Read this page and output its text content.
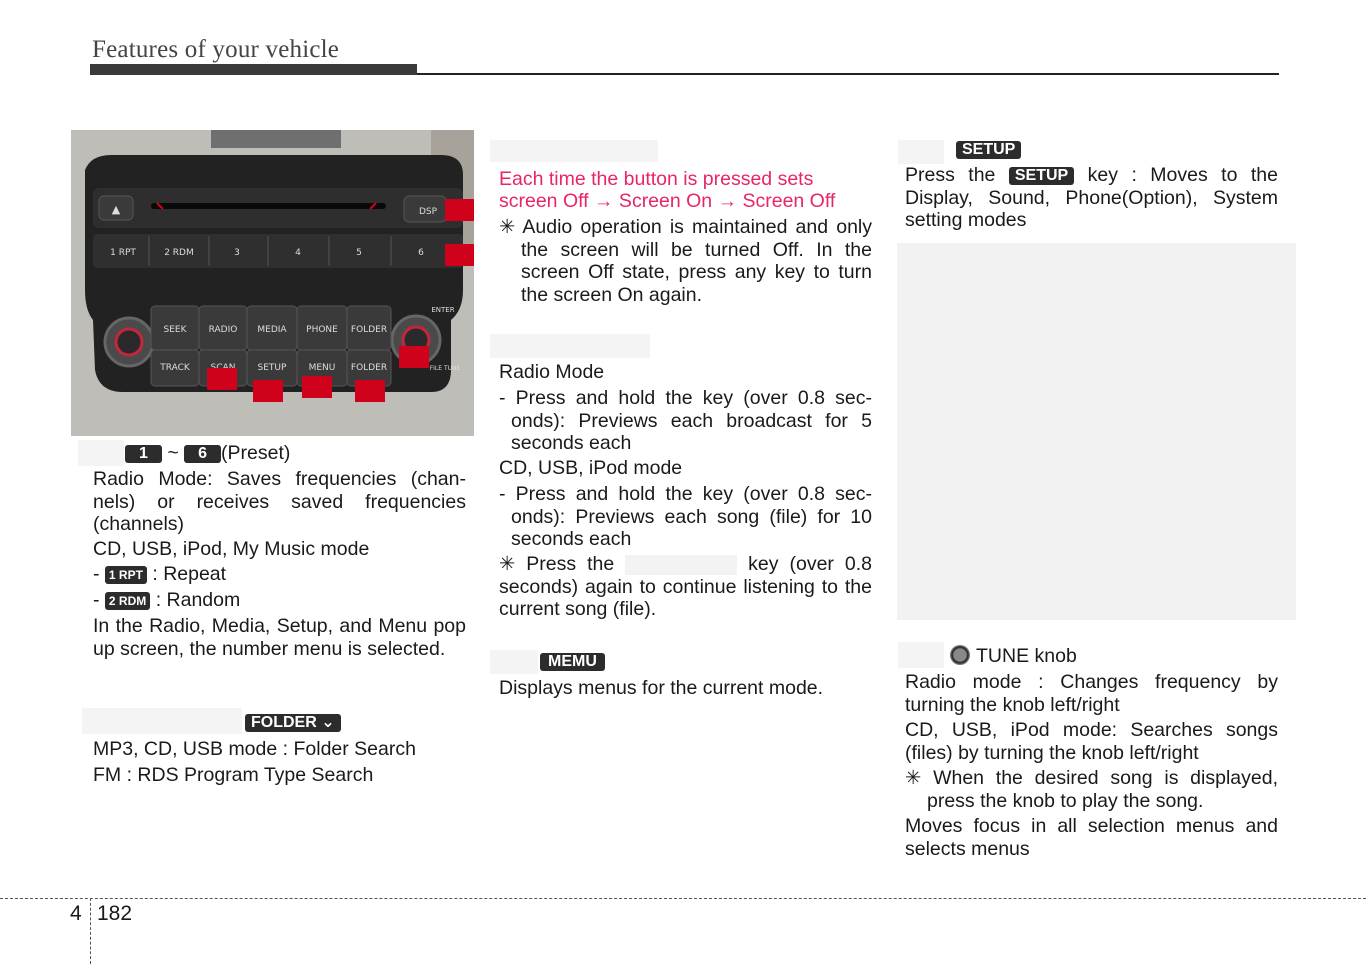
Features of your vehicle
▲	DSP
1 RPT	2 RDM	3	4	5	6
SEEK RADIO MEDIA PHONE FOLDER
TRACK	SETUP MENU FOLDER
ENTER
FILE TUNE
1 ~ 6 (Preset)
Radio Mode: Saves frequencies (chan-nels) or receives saved frequencies (channels)
CD, USB, iPod, My Music mode
- 1 RPT : Repeat
- 2 RDM : Random
In the Radio, Media, Setup, and Menu pop up screen, the number menu is selected.
FOLDER ⌄
MP3, CD, USB mode : Folder Search
FM : RDS Program Type Search
Each time the button is pressed sets
screen Off → Screen On → Screen Off
✳ Audio operation is maintained and only the screen will be turned Off. In the screen Off state, press any key to turn the screen On again.
Radio Mode
- Press and hold the key (over 0.8 sec-onds): Previews each broadcast for 5 seconds each
CD, USB, iPod mode
- Press and hold the key (over 0.8 sec-onds): Previews each song (file) for 10 seconds each
✳ Press the	key (over 0.8 seconds) again to continue listening to the current song (file).
MEMU
Displays menus for the current mode.
SETUP
Press the SETUP key : Moves to the Display, Sound, Phone(Option), System setting modes
TUNE knob
Radio mode : Changes frequency by turning the knob left/right
CD, USB, iPod mode: Searches songs (files) by turning the knob left/right
✳ When the desired song is displayed, press the knob to play the song.
Moves focus in all selection menus and selects menus
4 182
